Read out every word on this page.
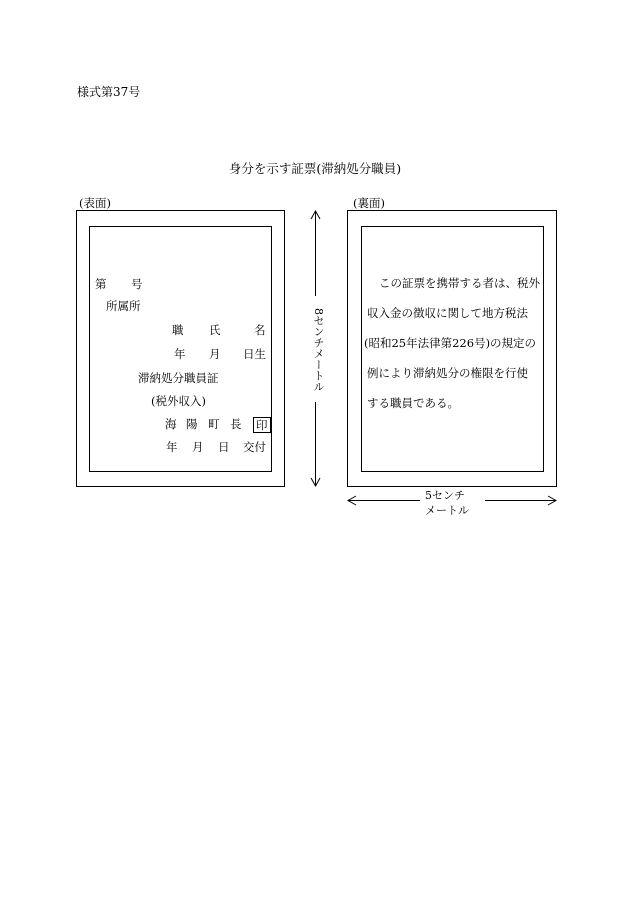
様式第37号
身分を示す証票(滞納処分職員)
(表面)	(裏面)
第 号
所属所
職 氏	名
年 月 日生
滞納処分職員証
(税外収入)
海 陽 町 長 印
年 月 日 交付
この証票を携帯する者は、税外
収入金の徴収に関して地方税法
(昭和25年法律第226号)の規定の
例により滞納処分の権限を行使
する職員である。
8センチメートル
5センチ
メートル
